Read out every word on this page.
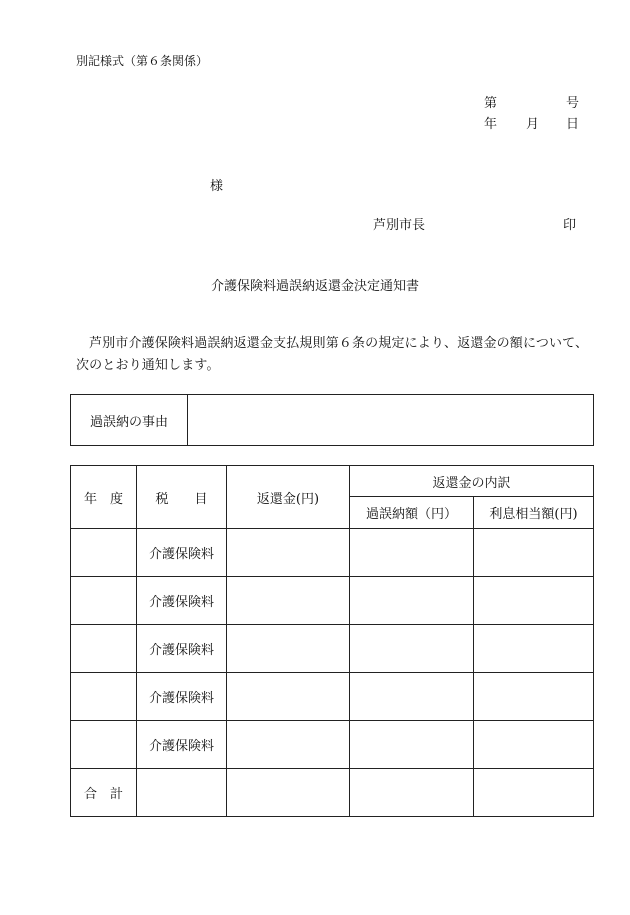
別記様式（第６条関係）
第	号
年 月 日
様
芦別市長	印
介護保険料過誤納返還金決定通知書
芦別市介護保険料過誤納返還金支払規則第６条の規定により、返還金の額について、次のとおり通知します。
過誤納の事由	
年　度	税　　目	返還金(円)	返還金の内訳	
			過誤納額（円）	利息相当額(円)
	介護保険料			
	介護保険料			
	介護保険料			
	介護保険料			
	介護保険料			
合　計				
